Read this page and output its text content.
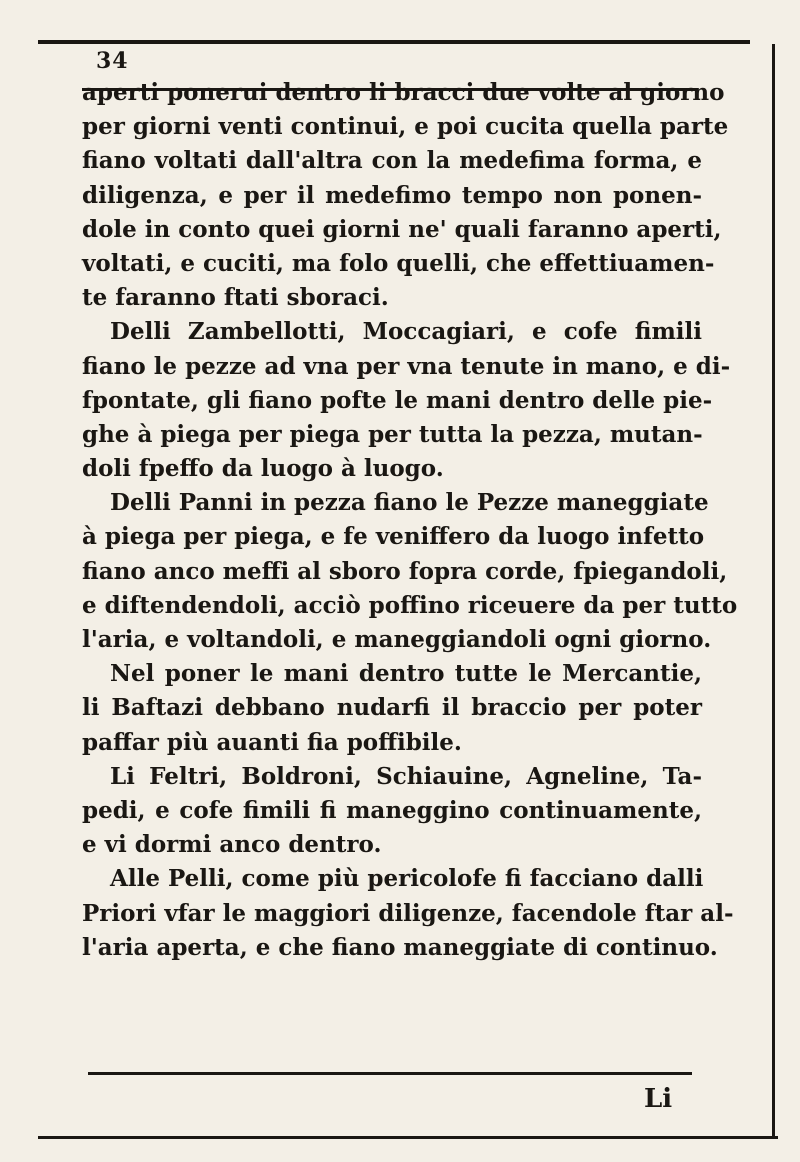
34
aperti ponerui dentro li bracci due volte al giorno
per giorni venti continui, e poi cucita quella parte
fiano voltati dall'altra con la medefima forma, e
diligenza, e per il medefimo tempo non ponen-
dole in conto quei giorni ne' quali faranno aperti,
voltati, e cuciti, ma folo quelli, che effettiuamen-
te faranno ftati sboraci.
Delli Zambellotti, Moccagiari, e cofe fimili
fiano le pezze ad vna per vna tenute in mano, e di-
fpontate, gli fiano pofte le mani dentro delle pie-
ghe à piega per piega per tutta la pezza, mutan-
doli fpeffo da luogo à luogo.
Delli Panni in pezza fiano le Pezze maneggiate
à piega per piega, e fe veniffero da luogo infetto
fiano anco meffi al sboro fopra corde, fpiegandoli,
e diftendendoli, acciò poffino riceuere da per tutto
l'aria, e voltandoli, e maneggiandoli ogni giorno.
Nel poner le mani dentro tutte le Mercantie,
li Baftazi debbano nudarfi il braccio per poter
paffar più auanti fia poffibile.
Li Feltri, Boldroni, Schiauine, Agneline, Ta-
pedi, e cofe fimili fi maneggino continuamente,
e vi dormi anco dentro.
Alle Pelli, come più pericolofe fi facciano dalli
Priori vfar le maggiori diligenze, facendole ftar al-
l'aria aperta, e che fiano maneggiate di continuo.
Li
